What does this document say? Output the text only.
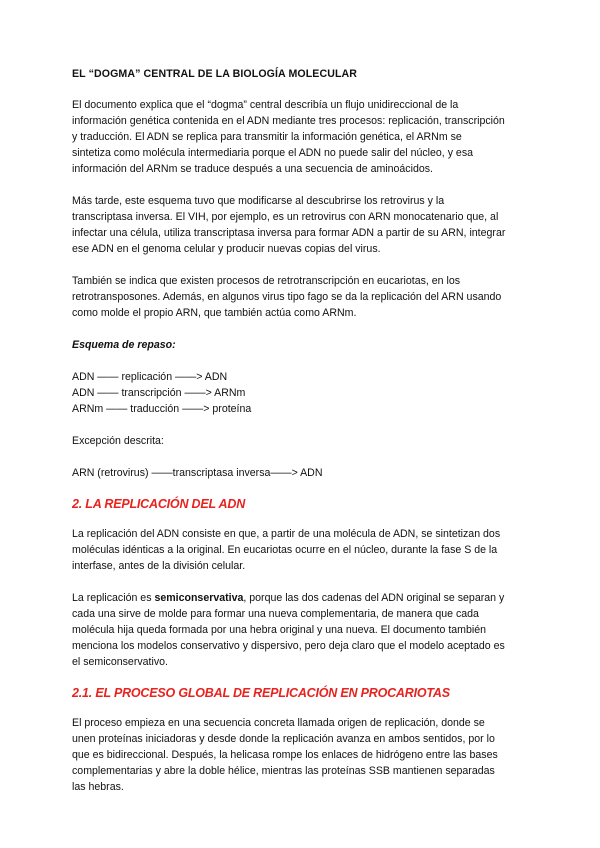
EL “DOGMA” CENTRAL DE LA BIOLOGÍA MOLECULAR

El documento explica que el “dogma” central describía un flujo unidireccional de la

información genética contenida en el ADN mediante tres procesos: replicación, transcripción

y traducción. El ADN se replica para transmitir la información genética, el ARNm se

sintetiza como molécula intermediaria porque el ADN no puede salir del núcleo, y esa

información del ARNm se traduce después a una secuencia de aminoácidos.

Más tarde, este esquema tuvo que modificarse al descubrirse los retrovirus y la

transcriptasa inversa. El VIH, por ejemplo, es un retrovirus con ARN monocatenario que, al

infectar una célula, utiliza transcriptasa inversa para formar ADN a partir de su ARN, integrar

ese ADN en el genoma celular y producir nuevas copias del virus.

También se indica que existen procesos de retrotranscripción en eucariotas, en los

retrotransposones. Además, en algunos virus tipo fago se da la replicación del ARN usando

como molde el propio ARN, que también actúa como ARNm.

Esquema de repaso:

ADN —— replicación ——> ADN

ADN —— transcripción ——> ARNm

ARNm —— traducción ——> proteína

Excepción descrita:

ARN (retrovirus) ——transcriptasa inversa——> ADN

2. LA REPLICACIÓN DEL ADN

La replicación del ADN consiste en que, a partir de una molécula de ADN, se sintetizan dos

moléculas idénticas a la original. En eucariotas ocurre en el núcleo, durante la fase S de la

interfase, antes de la división celular.

La replicación es semiconservativa, porque las dos cadenas del ADN original se separan y

cada una sirve de molde para formar una nueva complementaria, de manera que cada

molécula hija queda formada por una hebra original y una nueva. El documento también

menciona los modelos conservativo y dispersivo, pero deja claro que el modelo aceptado es

el semiconservativo.

2.1. EL PROCESO GLOBAL DE REPLICACIÓN EN PROCARIOTAS

El proceso empieza en una secuencia concreta llamada origen de replicación, donde se

unen proteínas iniciadoras y desde donde la replicación avanza en ambos sentidos, por lo

que es bidireccional. Después, la helicasa rompe los enlaces de hidrógeno entre las bases

complementarias y abre la doble hélice, mientras las proteínas SSB mantienen separadas

las hebras.
